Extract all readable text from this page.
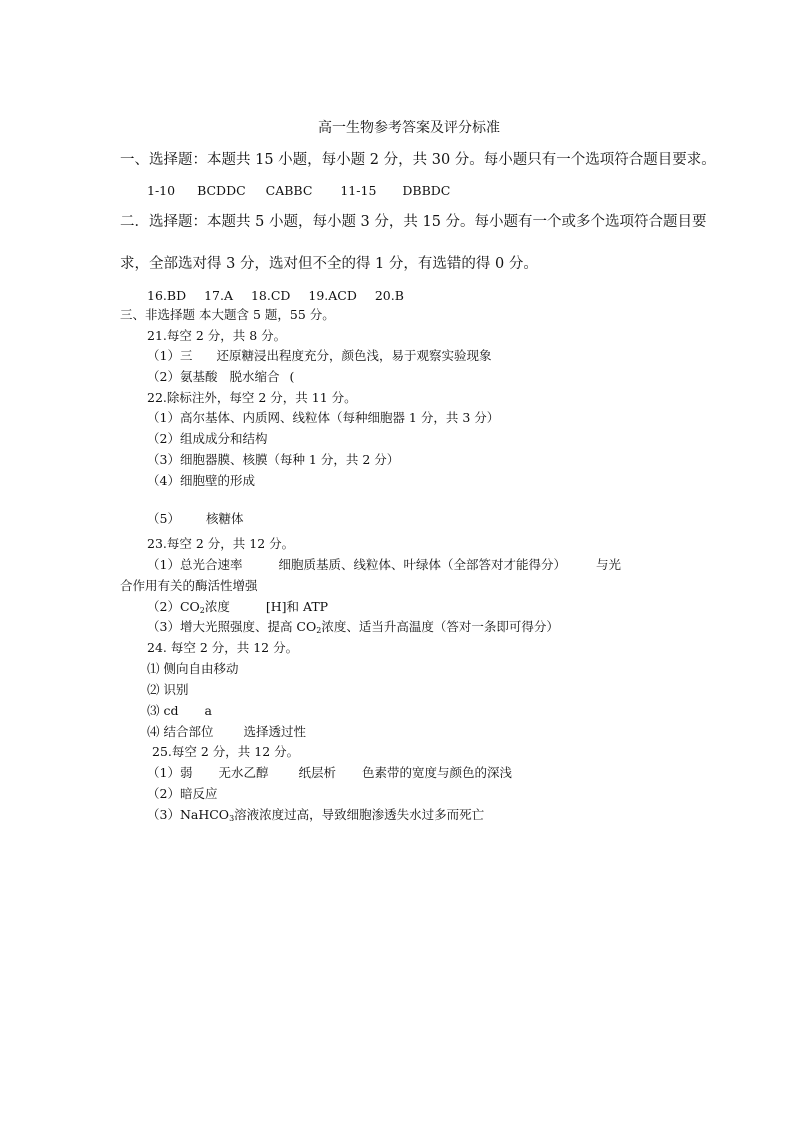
高一生物参考答案及评分标准
一、选择题：本题共 15 小题，每小题 2 分，共 30 分。每小题只有一个选项符合题目要求。
1-10 BCDDC CABBC 11-15 DBBDC
二．选择题：本题共 5 小题，每小题 3 分，共 15 分。每小题有一个或多个选项符合题目要
求，全部选对得 3 分，选对但不全的得 1 分，有选错的得 0 分。
16.BD 17.A 18.CD 19.ACD 20.B
三、非选择题 本大题含 5 题，55 分。
21.每空 2 分，共 8 分。
（1）三 还原糖浸出程度充分，颜色浅，易于观察实验现象
（2）氨基酸 脱水缩合 (
22.除标注外，每空 2 分，共 11 分。
（1）高尔基体、内质网、线粒体（每种细胞器 1 分，共 3 分）
（2）组成成分和结构
（3）细胞器膜、核膜（每种 1 分，共 2 分）
（4）细胞壁的形成
（5） 核糖体
23.每空 2 分，共 12 分。
（1）总光合速率	细胞质基质、线粒体、叶绿体（全部答对才能得分） 与光
合作用有关的酶活性增强
$(2)CO_2$浓度	[H]和 ATP
（3）增大光照强度、提高 $CO_2$浓度、适当升高温度（答对一条即可得分）
24. 每空 2 分，共 12 分。
⑴ 侧向自由移动
⑵ 识别
⑶ cd a
⑷ 结合部位 选择透过性
25.每空 2 分，共 12 分。
（1）弱 无水乙醇 纸层析 色素带的宽度与颜色的深浅
（2）暗反应
（3）NaHCO$_3$溶液浓度过高，导致细胞渗透失水过多而死亡
